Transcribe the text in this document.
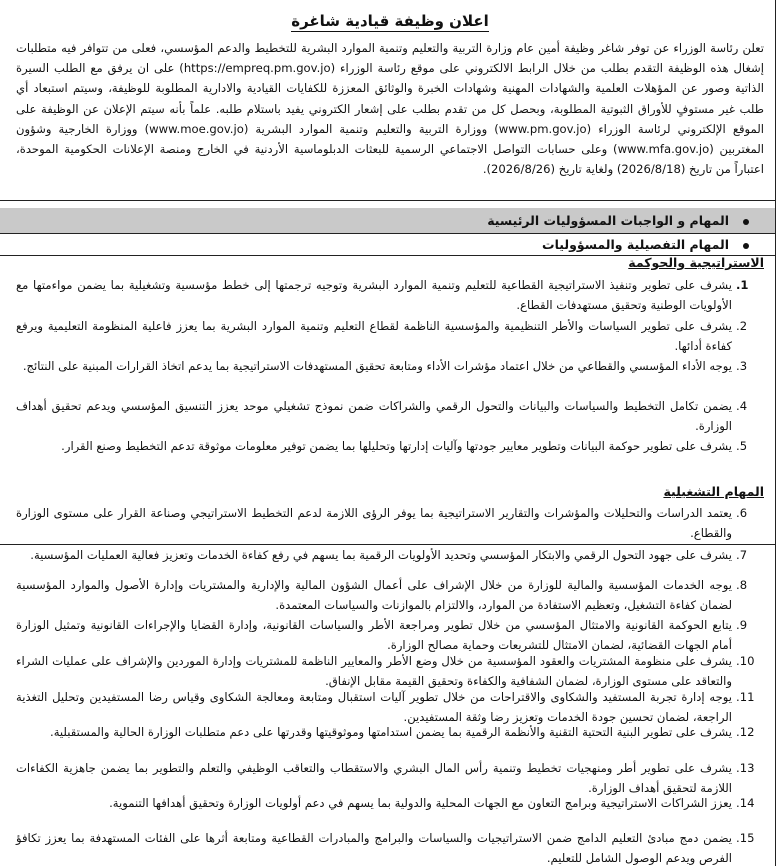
اعلان وظيفة قيادية شاغرة
تعلن رئاسة الوزراء عن توفر شاغر وظيفة أمين عام وزارة التربية والتعليم وتنمية الموارد البشرية للتخطيط والدعم المؤسسي، فعلى من تتوافر فيه متطلبات إشغال هذه الوظيفة التقدم بطلب من خلال الرابط الالكتروني على موقع رئاسة الوزراء (https://empreq.pm.gov.jo) على ان يرفق مع الطلب السيرة الذاتية وصور عن المؤهلات العلمية والشهادات المهنية وشهادات الخبرة والوثائق المعززة للكفايات القيادية والادارية المطلوبة للوظيفة، وسيتم استبعاد أي طلب غير مستوفٍ للأوراق الثبوتية المطلوبة، وبحصل كل من تقدم بطلب على إشعار الكتروني يفيد باستلام طلبه. علماً بأنه سيتم الإعلان عن الوظيفة على الموقع الإلكتروني لرئاسة الوزراء (www.pm.gov.jo) ووزارة التربية والتعليم وتنمية الموارد البشرية (www.moe.gov.jo) ووزارة الخارجية وشؤون المغتربين (www.mfa.gov.jo) وعلى حسابات التواصل الاجتماعي الرسمية للبعثات الدبلوماسية الأردنية في الخارج ومنصة الإعلانات الحكومية الموحدة، اعتباراً من تاريخ (2026/8/18) ولغاية تاريخ (2026/8/26).
المهام و الواجبات المسؤوليات الرئيسية
المهام التفصيلية والمسؤوليات
الاستراتيجية والحوكمة
1.
يشرف على تطوير وتنفيذ الاستراتيجية القطاعية للتعليم وتنمية الموارد البشرية وتوجيه ترجمتها إلى خطط مؤسسية وتشغيلية بما يضمن مواءمتها مع الأولويات الوطنية وتحقيق مستهدفات القطاع.
2.
يشرف على تطوير السياسات والأطر التنظيمية والمؤسسية الناظمة لقطاع التعليم وتنمية الموارد البشرية بما يعزز فاعلية المنظومة التعليمية ويرفع كفاءة أدائها.
3.
يوجه الأداء المؤسسي والقطاعي من خلال اعتماد مؤشرات الأداء ومتابعة تحقيق المستهدفات الاستراتيجية بما يدعم اتخاذ القرارات المبنية على النتائج.
4.
يضمن تكامل التخطيط والسياسات والبيانات والتحول الرقمي والشراكات ضمن نموذج تشغيلي موحد يعزز التنسيق المؤسسي ويدعم تحقيق أهداف الوزارة.
5.
يشرف على تطوير حوكمة البيانات وتطوير معايير جودتها وآليات إدارتها وتحليلها بما يضمن توفير معلومات موثوقة تدعم التخطيط وصنع القرار.
المهام التشغيلية
6.
يعتمد الدراسات والتحليلات والمؤشرات والتقارير الاستراتيجية بما يوفر الرؤى اللازمة لدعم التخطيط الاستراتيجي وصناعة القرار على مستوى الوزارة والقطاع.
7.
يشرف على جهود التحول الرقمي والابتكار المؤسسي وتحديد الأولويات الرقمية بما يسهم في رفع كفاءة الخدمات وتعزيز فعالية العمليات المؤسسية.
8.
يوجه الخدمات المؤسسية والمالية للوزارة من خلال الإشراف على أعمال الشؤون المالية والإدارية والمشتريات وإدارة الأصول والموارد المؤسسية لضمان كفاءة التشغيل، وتعظيم الاستفادة من الموارد، والالتزام بالموازنات والسياسات المعتمدة.
9.
يتابع الحوكمة القانونية والامتثال المؤسسي من خلال تطوير ومراجعة الأطر والسياسات القانونية، وإدارة القضايا والإجراءات القانونية وتمثيل الوزارة أمام الجهات القضائية، لضمان الامتثال للتشريعات وحماية مصالح الوزارة.
10.
يشرف على منظومة المشتريات والعقود المؤسسية من خلال وضع الأطر والمعايير الناظمة للمشتريات وإدارة الموردين والإشراف على عمليات الشراء والتعاقد على مستوى الوزارة، لضمان الشفافية والكفاءة وتحقيق القيمة مقابل الإنفاق.
11.
يوجه إدارة تجربة المستفيد والشكاوى والاقتراحات من خلال تطوير آليات استقبال ومتابعة ومعالجة الشكاوى وقياس رضا المستفيدين وتحليل التغذية الراجعة، لضمان تحسين جودة الخدمات وتعزيز رضا وثقة المستفيدين.
12.
يشرف على تطوير البنية التحتية التقنية والأنظمة الرقمية بما يضمن استدامتها وموثوقيتها وقدرتها على دعم متطلبات الوزارة الحالية والمستقبلية.
13.
يشرف على تطوير أطر ومنهجيات تخطيط وتنمية رأس المال البشري والاستقطاب والتعاقب الوظيفي والتعلم والتطوير بما يضمن جاهزية الكفاءات اللازمة لتحقيق أهداف الوزارة.
14.
يعزز الشراكات الاستراتيجية وبرامج التعاون مع الجهات المحلية والدولية بما يسهم في دعم أولويات الوزارة وتحقيق أهدافها التنموية.
15.
يضمن دمج مبادئ التعليم الدامج ضمن الاستراتيجيات والسياسات والبرامج والمبادرات القطاعية ومتابعة أثرها على الفئات المستهدفة بما يعزز تكافؤ الفرص ويدعم الوصول الشامل للتعليم.
